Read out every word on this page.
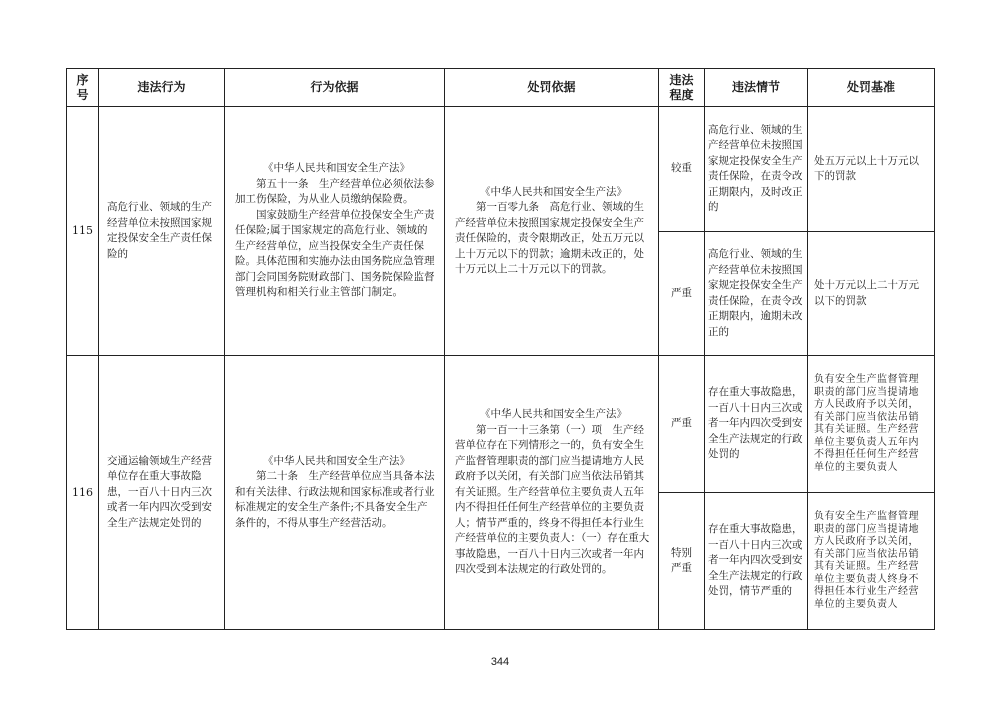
序号	违法行为	行为依据	处罚依据	违法程度	违法情节	处罚基准
115	高危行业、领域的生产经营单位未按照国家规定投保安全生产责任保险的	《中华人民共和国安全生产法》
第五十一条　生产经营单位必须依法参加工伤保险，为从业人员缴纳保险费。
国家鼓励生产经营单位投保安全生产责任保险;属于国家规定的高危行业、领域的生产经营单位，应当投保安全生产责任保险。具体范围和实施办法由国务院应急管理部门会同国务院财政部门、国务院保险监督管理机构和相关行业主管部门制定。	《中华人民共和国安全生产法》
第一百零九条　高危行业、领域的生产经营单位未按照国家规定投保安全生产责任保险的，责令限期改正，处五万元以上十万元以下的罚款；逾期未改正的，处十万元以上二十万元以下的罚款。	较重	高危行业、领域的生产经营单位未按照国家规定投保安全生产责任保险，在责令改正期限内，及时改正的	处五万元以上十万元以下的罚款
				严重	高危行业、领域的生产经营单位未按照国家规定投保安全生产责任保险，在责令改正期限内，逾期未改正的	处十万元以上二十万元以下的罚款
116	交通运输领域生产经营单位存在重大事故隐患，一百八十日内三次或者一年内四次受到安全生产法规定处罚的	《中华人民共和国安全生产法》
第二十条　生产经营单位应当具备本法和有关法律、行政法规和国家标准或者行业标准规定的安全生产条件;不具备安全生产条件的，不得从事生产经营活动。	《中华人民共和国安全生产法》
第一百一十三条第（一）项　生产经营单位存在下列情形之一的，负有安全生产监督管理职责的部门应当提请地方人民政府予以关闭，有关部门应当依法吊销其有关证照。生产经营单位主要负责人五年内不得担任任何生产经营单位的主要负责人；情节严重的，终身不得担任本行业生产经营单位的主要负责人：（一）存在重大事故隐患，一百八十日内三次或者一年内四次受到本法规定的行政处罚的。	严重	存在重大事故隐患，一百八十日内三次或者一年内四次受到安全生产法规定的行政处罚的	负有安全生产监督管理职责的部门应当提请地方人民政府予以关闭，有关部门应当依法吊销其有关证照。生产经营单位主要负责人五年内不得担任任何生产经营单位的主要负责人
				特别严重	存在重大事故隐患，一百八十日内三次或者一年内四次受到安全生产法规定的行政处罚，情节严重的	负有安全生产监督管理职责的部门应当提请地方人民政府予以关闭，有关部门应当依法吊销其有关证照。生产经营单位主要负责人终身不得担任本行业生产经营单位的主要负责人
344
